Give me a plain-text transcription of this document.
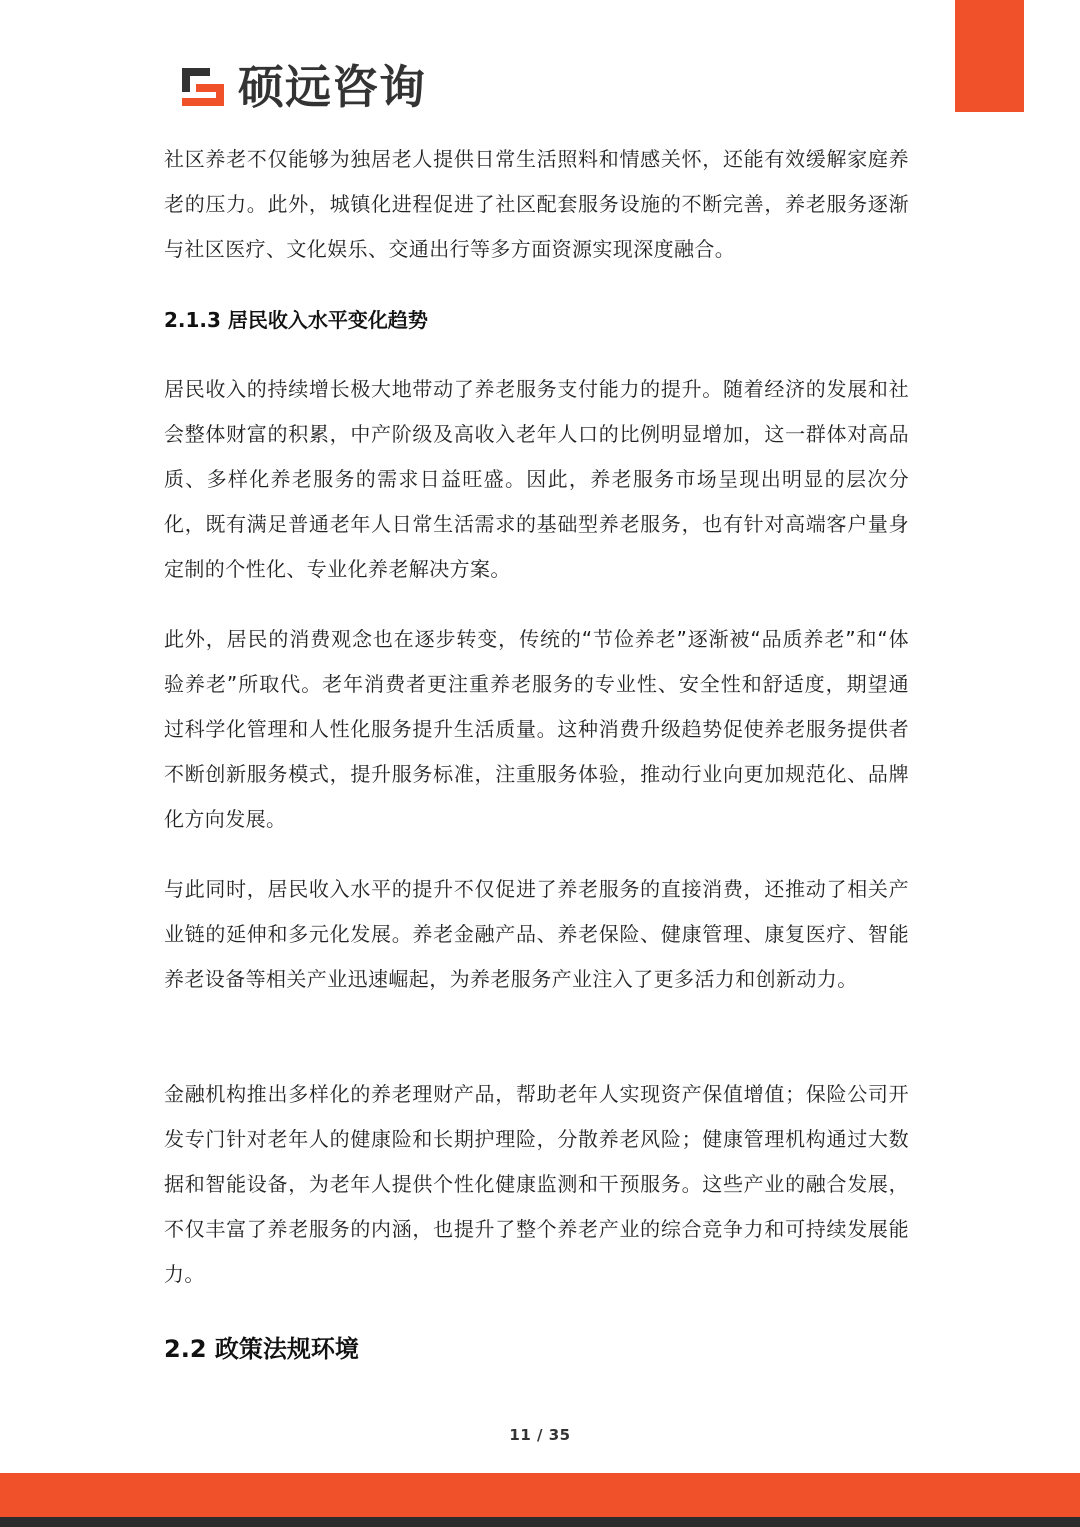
硕远咨询

社区养老不仅能够为独居老人提供日常生活照料和情感关怀，还能有效缓解家庭养老的压力。此外，城镇化进程促进了社区配套服务设施的不断完善，养老服务逐渐与社区医疗、文化娱乐、交通出行等多方面资源实现深度融合。

2.1.3 居民收入水平变化趋势

居民收入的持续增长极大地带动了养老服务支付能力的提升。随着经济的发展和社会整体财富的积累，中产阶级及高收入老年人口的比例明显增加，这一群体对高品质、多样化养老服务的需求日益旺盛。因此，养老服务市场呈现出明显的层次分化，既有满足普通老年人日常生活需求的基础型养老服务，也有针对高端客户量身定制的个性化、专业化养老解决方案。

此外，居民的消费观念也在逐步转变，传统的“节俭养老”逐渐被“品质养老”和“体验养老”所取代。老年消费者更注重养老服务的专业性、安全性和舒适度，期望通过科学化管理和人性化服务提升生活质量。这种消费升级趋势促使养老服务提供者不断创新服务模式，提升服务标准，注重服务体验，推动行业向更加规范化、品牌化方向发展。

与此同时，居民收入水平的提升不仅促进了养老服务的直接消费，还推动了相关产业链的延伸和多元化发展。养老金融产品、养老保险、健康管理、康复医疗、智能养老设备等相关产业迅速崛起，为养老服务产业注入了更多活力和创新动力。

金融机构推出多样化的养老理财产品，帮助老年人实现资产保值增值；保险公司开发专门针对老年人的健康险和长期护理险，分散养老风险；健康管理机构通过大数据和智能设备，为老年人提供个性化健康监测和干预服务。这些产业的融合发展，不仅丰富了养老服务的内涵，也提升了整个养老产业的综合竞争力和可持续发展能力。

2.2 政策法规环境
11 / 35
